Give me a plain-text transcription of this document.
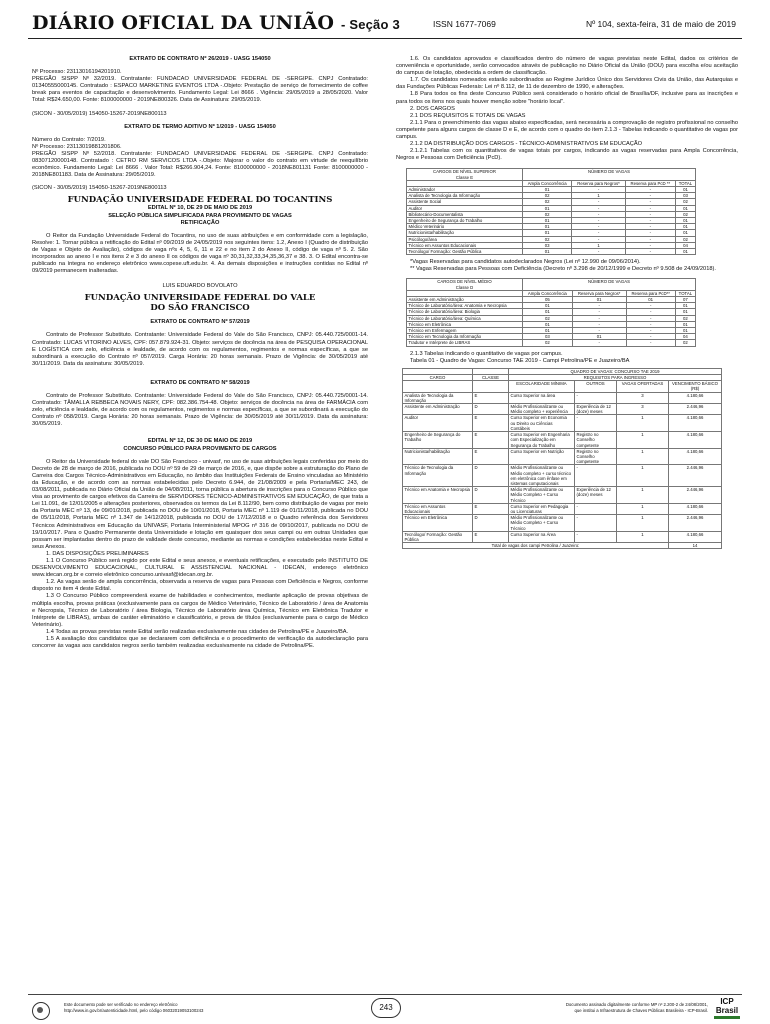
DIÁRIO OFICIAL DA UNIÃO - Seção 3	ISSN 1677-7069	Nº 104, sexta-feira, 31 de maio de 2019

EXTRATO DE CONTRATO Nº 26/2019 - UASG 154050

Nº Processo: 23113016194201910.

PREGÃO SISPP Nº 32/2019. Contratante: FUNDACAO UNIVERSIDADE FEDERAL DE -SERGIPE. CNPJ Contratado: 01340555000145. Contratado : ESPACO MARKETING EVENTOS LTDA -.Objeto: Prestação de serviço de fornecimento de coffee break para eventos de capacitação e desenvolvimento. Fundamento Legal: Lei 8666 . Vigência: 29/05/2019 a 28/05/2020. Valor Total: R$24.650,00. Fonte: 8100000000 - 2019NE800326. Data de Assinatura: 29/05/2019.

(SICON - 30/05/2019) 154050-15267-2019NE800113

EXTRATO DE TERMO ADITIVO Nº 1/2019 - UASG 154050

Número do Contrato: 7/2019.

Nº Processo: 23113019881201806.

PREGÃO SISPP Nº 52/2018. Contratante: FUNDACAO UNIVERSIDADE FEDERAL DE -SERGIPE. CNPJ Contratado: 08307120000148. Contratado : CETRO RM SERVICOS LTDA -.Objeto: Majorar o valor do contrato em virtude de reequilíbrio econômico. Fundamento Legal: Lei 8666 . Valor Total: R$266.904,24. Fonte: 8100000000 - 2018NE801131 Fonte: 8100000000 - 2018NE801183. Data de Assinatura: 29/05/2019.

(SICON - 30/05/2019) 154050-15267-2019NE800113

FUNDAÇÃO UNIVERSIDADE FEDERAL DO TOCANTINS

EDITAL Nº 10, DE 29 DE MAIO DE 2019

SELEÇÃO PÚBLICA SIMPLIFICADA PARA PROVIMENTO DE VAGAS

RETIFICAÇÃO

O Reitor da Fundação Universidade Federal do Tocantins, no uso de suas atribuições e em conformidade com a legislação, Resolve: 1. Tornar pública a retificação do Edital nº 09/2019 de 24/05/2019 nos seguintes itens: 1.2, Anexo I (Quadro de distribuição de Vagas e Objeto de Avaliação), códigos de vaga nºs 4, 5, 6, 11 e 22 e no item 2 do Anexo II, código de vaga nº 5. 2. São incorporados ao anexo I e nos itens 2 e 3 do anexo II os códigos de vaga nº 30,31,32,33,34,35,36,37 e 38. 3. O Edital encontra-se publicado na íntegra no endereço eletrônico www.copese.uft.edu.br. 4. As demais disposições e instruções contidas no Edital nº 09/2019 permanecem inalteradas.

LUIS EDUARDO BOVOLATO

FUNDAÇÃO UNIVERSIDADE FEDERAL DO VALE

DO SÃO FRANCISCO

EXTRATO DE CONTRATO Nº 57/2019

Contrato de Professor Substituto. Contratante: Universidade Federal do Vale do São Francisco, CNPJ: 05.440.725/0001-14. Contratado: LUCAS VITORINO ALVES, CPF: 057.879.924-31. Objeto: serviços de docência na área de PESQUISA OPERACIONAL E LOGÍSTICA com zelo, eficiência e lealdade, de acordo com os regulamentos, regimentos e normas específicas, a que se subordinará a execução do Contrato nº 057/2019. Carga Horária: 20 horas semanais. Prazo de Vigência: de 30/05/2019 até 30/11/2019. Data da assinatura: 30/05/2019.

EXTRATO DE CONTRATO Nº 58/2019

Contrato de Professor Substituto. Contratante: Universidade Federal do Vale do São Francisco, CNPJ: 05.440.725/0001-14. Contratado: TÂMALLA REBBECA NOVAIS NERY, CPF: 082.386.754-48. Objeto: serviços de docência na área de FARMÁCIA com zelo, eficiência e lealdade, de acordo com os regulamentos, regimentos e normas específicas, a que se subordinará a execução do Contrato nº 058/2019. Carga Horária: 20 horas semanais. Prazo de Vigência: de 30/05/2019 até 30/11/2019. Data da assinatura: 30/05/2019.

EDITAL Nº 12, DE 30 DE MAIO DE 2019

CONCURSO PÚBLICO PARA PROVIMENTO DE CARGOS

O Reitor da Universidade federal do vale DO São Francisco - univasf, no uso de suas atribuições legais conferidas por meio do Decreto de 28 de março de 2016, publicada no DOU nº 59 de 29 de março de 2016, e, que dispõe sobre a estruturação do Plano de Carreira dos Cargos Técnico-Administrativos em Educação, no âmbito das Instituições Federais de Ensino vinculadas ao Ministério da Educação, e de acordo com as normas estabelecidas pelo Decreto 6.944, de 21/08/2009 e pela Portaria/MEC 243, de 03/08/2011, publicada no Diário Oficial da União de 04/08/2011, torna pública a abertura de inscrições para o Concurso Público que visa ao provimento de cargos efetivos da Carreira de SERVIDORES TÉCNICO-ADMINISTRATIVOS EM EDUCAÇÃO, de que trata a Lei 11.091, de 12/01/2005 e alterações posteriores, observados os termos da Lei 8.112/90, bem como distribuição de vagas por meio da Portaria MEC nº 13, de 09/01/2018, publicada no DOU de 10/01/2018, Portaria MEC nº 1.119 de 01/11/2018, publicada no DOU de 05/11/2018, Portaria MEC nº 1.347 de 14/12/2018, publicada no DOU de 17/12/2018 e o Quadro referência dos Servidores Técnicos Administrativos em Educação da UNIVASF, Portaria Interministerial MPOG nº 316 de 09/10/2017, publicada no DOU de 19/10/2017. Para o Quadro Permanente desta Universidade e lotação em quaisquer dos seus campi ou em outras Unidades que possam ser implantadas dentro do prazo de validade deste concurso, mediante as normas e condições estabelecidas neste Edital e seus Anexos.

1. DAS DISPOSIÇÕES PRELIMINARES

1.1 O Concurso Público será regido por este Edital e seus anexos, e eventuais retificações, e executado pelo INSTITUTO DE DESENVOLVIMENTO EDUCACIONAL, CULTURAL E ASSISTENCIAL NACIONAL - IDECAN, endereço eletrônico www.idecan.org.br e correio eletrônico concurso.univasf@idecan.org.br.

1.2. As vagas serão de ampla concorrência, observada a reserva de vagas para Pessoas com Deficiência e Negros, conforme disposto no item 4 deste Edital.

1.3 O Concurso Público compreenderá exame de habilidades e conhecimentos, mediante aplicação de provas objetivas de múltipla escolha, provas práticas (exclusivamente para os cargos de Médico Veterinário, Técnico de Laboratório / área de Anatomia e Necropsia, Técnico de Laboratório / área Biologia, Técnico de Laboratório área Química, Técnico em Eletrônica Tradutor e Intérprete de LIBRAS), ambas de caráter eliminatório e classificatório, e prova de títulos (exclusivamente para o cargo de Médico Veterinário).

1.4 Todas as provas previstas neste Edital serão realizadas exclusivamente nas cidades de Petrolina/PE e Juazeiro/BA.

1.5 A avaliação dos candidatos que se declararem com deficiência e o procedimento de verificação da autodeclaração para concorrer às vagas aos candidatos negros serão também realizadas exclusivamente na cidade de Petrolina/PE.

1.6. Os candidatos aprovados e classificados dentro do número de vagas previstas neste Edital, dados os critérios de conveniência e oportunidade, serão convocados através de publicação no Diário Oficial da União (DOU) para escolha e/ou aceitação do campus de lotação, obedecida a ordem de classificação.

1.7. Os candidatos nomeados estarão subordinados ao Regime Jurídico Único dos Servidores Civis da União, das Autarquias e das Fundações Públicas Federais: Lei nº 8.112, de 11 de dezembro de 1990, e alterações.

1.8 Para todos os fins deste Concurso Público será considerado o horário oficial de Brasília/DF, inclusive para as inscrições e para todos os itens nos quais houver menção sobre "horário local".

2. DOS CARGOS

2.1 DOS REQUISITOS E TOTAIS DE VAGAS

2.1.1 Para o preenchimento das vagas abaixo especificadas, será necessária a comprovação de registro profissional no conselho competente para alguns cargos de classe D e E, de acordo com o quadro do item 2.1.3 - Tabelas indicando o quantitativo de vagas por campus.

2.1.2 DA DISTRIBUIÇÃO DOS CARGOS - TÉCNICO-ADMINISTRATIVOS EM EDUCAÇÃO

2.1.2.1 Tabelas com os quantitativos de vagas totais por cargos, indicando as vagas reservadas para Ampla Concorrência, Negros e Pessoas com Deficiência (PcD).

CARGOS DE NÍVEL SUPERIOR
Classe E	NÚMERO DE VAGAS			
	Ampla Concorrência	Reserva para Negros*	Reserva para PcD **	TOTAL
Administrador	01	-	-	01
Analista de Tecnologia da Informação	02	1	-	03
Assistente Social	02	-	-	02
Auditor	01	-	-	01
Bibliotecário-Documentalista	02	-	-	02
Engenheiro de Segurança do Trabalho	01	-	-	01
Médico Veterinário	01	-	-	01
Nutricionista/habilitação	01	-	-	01
Psicólogo/área	02	-	-	02
Técnico em Assuntos Educacionais	03	1	-	04
Tecnólogo/ Formação: Gestão Pública	01	-	-	01

*Vagas Reservadas para candidatos autodeclarados Negros (Lei nº 12.990 de 09/06/2014).

** Vagas Reservadas para Pessoas com Deficiência (Decreto nº 3.298 de 20/12/1999 e Decreto nº 9.508 de 24/09/2018).

CARGOS DE NÍVEL MÉDIO
Classe D	NÚMERO DE VAGAS			
	Ampla Concorrência	Reserva para Negros*	Reserva para PcD**	TOTAL
Assistente em Administração	05	01	01	07
Técnico de Laboratório/área: Anatomia e Necropsia	01	-	-	01
Técnico de Laboratório/área: Biologia	01	-	-	01
Técnico de Laboratório/área: Química	02	-	-	02
Técnico em Eletrônica	01	-	-	01
Técnico em Enfermagem	01	-	-	01
Técnico em Tecnologia da Informação	03	01	-	04
Tradutor e Intérprete de LIBRAS	02	-	-	02

2.1.3 Tabelas indicando o quantitativo de vagas por campus.

Tabela 01 - Quadro de Vagas: Concurso TAE 2019 - Campi Petrolina/PE e Juazeiro/BA

		QUADRO DE VAGAS: CONCURSO TAE 2019			
CARGO	CLASSE	REQUISITOS PARA INGRESSO			
		ESCOLARIDADE MÍNIMA	OUTROS	VAGAS OFERTADAS	VENCIMENTO BÁSICO (R$)
Analista de Tecnologia da Informação	E	Curso Superior na área	-	3	4.180,66
Assistente em Administração	D	Médio Profissionalizante ou Médio completo + experiência	Experiência de 12 (doze) meses	3	2.446,96
Auditor	E	Curso Superior em Economia ou Direito ou Ciências Contábeis	-	1	4.180,66
Engenheiro de Segurança do Trabalho	E	Curso Superior em Engenharia com Especialização em Segurança do Trabalho	Registro no Conselho competente	1	4.180,66
Nutricionista/habilitação	E	Curso Superior em Nutrição	Registro no Conselho competente	1	4.180,66
Técnico de Tecnologia da Informação	D	Médio Profissionalizante ou Médio completo + curso técnico em eletrônica com ênfase em sistemas computacionais	-	1	2.446,96
Técnico em Anatomia e Necropsia	D	Médio Profissionalizante ou Médio Completo + Curso Técnico	Experiência de 12 (doze) meses	1	2.446,96
Técnico em Assuntos Educacionais	E	Curso Superior em Pedagogia ou Licenciaturas	-	1	4.180,66
Técnico em Eletrônica	D	Médio Profissionalizante ou Médio Completo + Curso Técnico	-	1	2.446,96
Tecnólogo/ Formação: Gestão Pública	E	Curso Superior na Área	-	1	4.180,66
Total de vagas dos campi Petrolina / Juazeiro:					14
Este documento pode ser verificado no endereço eletrônico
http://www.in.gov.br/autenticidade.html, pelo código 06032019053100243	243	Documento assinado digitalmente conforme MP nº 2.200-2 de 24/08/2001,
que institui a Infraestrutura de Chaves Públicas Brasileira - ICP-Brasil.
ICP Brasil
